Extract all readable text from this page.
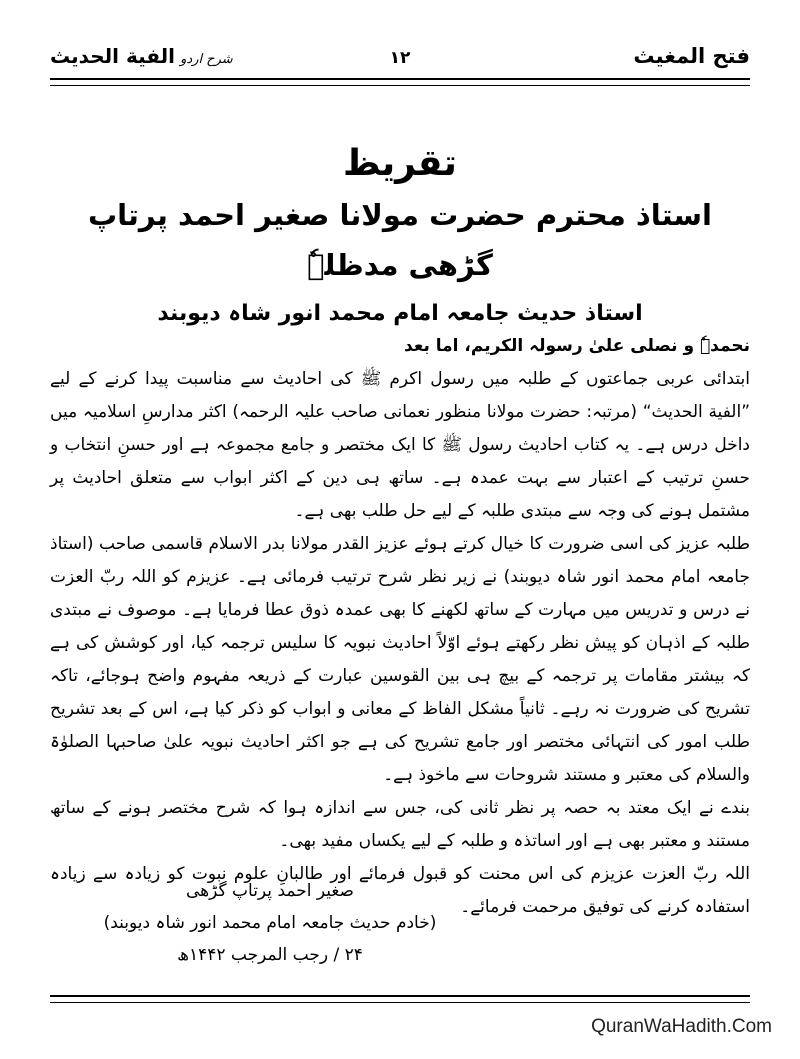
فتح المغيث
١٢
شرح اردو الفية الحديث
تقريظ
استاذ محترم حضرت مولانا صغیر احمد پرتاپ گڑھی مدظلہٗ
استاذ حدیث جامعہ امام محمد انور شاہ دیوبند

نحمدہٗ و نصلی علیٰ رسولہ الکریم، اما بعد

ابتدائی عربی جماعتوں کے طلبہ میں رسول اکرم ﷺ کی احادیث سے مناسبت پیدا کرنے کے لیے ”الفیة الحدیث“ (مرتبہ: حضرت مولانا منظور نعمانی صاحب علیہ الرحمہ) اکثر مدارسِ اسلامیہ میں داخل درس ہے۔ یہ کتاب احادیث رسول ﷺ کا ایک مختصر و جامع مجموعہ ہے اور حسنِ انتخاب و حسنِ ترتیب کے اعتبار سے بہت عمدہ ہے۔ ساتھ ہی دین کے اکثر ابواب سے متعلق احادیث پر مشتمل ہونے کی وجہ سے مبتدی طلبہ کے لیے حل طلب بھی ہے۔

طلبہ عزیز کی اسی ضرورت کا خیال کرتے ہوئے عزیز القدر مولانا بدر الاسلام قاسمی صاحب (استاذ جامعہ امام محمد انور شاہ دیوبند) نے زیر نظر شرح ترتیب فرمائی ہے۔ عزیزم کو اللہ ربّ العزت نے درس و تدریس میں مہارت کے ساتھ لکھنے کا بھی عمدہ ذوق عطا فرمایا ہے۔ موصوف نے مبتدی طلبہ کے اذہان کو پیش نظر رکھتے ہوئے اوّلاً احادیث نبویہ کا سلیس ترجمہ کیا، اور کوشش کی ہے کہ بیشتر مقامات پر ترجمہ کے بیچ ہی بین القوسین عبارت کے ذریعہ مفہوم واضح ہوجائے، تاکہ تشریح کی ضرورت نہ رہے۔ ثانیاً مشکل الفاظ کے معانی و ابواب کو ذکر کیا ہے، اس کے بعد تشریح طلب امور کی انتہائی مختصر اور جامع تشریح کی ہے جو اکثر احادیث نبویہ علیٰ صاحبہا الصلوٰۃ والسلام کی معتبر و مستند شروحات سے ماخوذ ہے۔

بندے نے ایک معتد بہ حصہ پر نظر ثانی کی، جس سے اندازہ ہوا کہ شرح مختصر ہونے کے ساتھ مستند و معتبر بھی ہے اور اساتذہ و طلبہ کے لیے یکساں مفید بھی۔

اللہ ربّ العزت عزیزم کی اس محنت کو قبول فرمائے اور طالبانِ علوم نبوت کو زیادہ سے زیادہ استفادہ کرنے کی توفیق مرحمت فرمائے۔

صغیر احمد پرتاپ گڑھی
(خادم حدیث جامعہ امام محمد انور شاہ دیوبند)
۲۴ / رجب المرجب ۱۴۴۲ھ
QuranWaHadith.Com
